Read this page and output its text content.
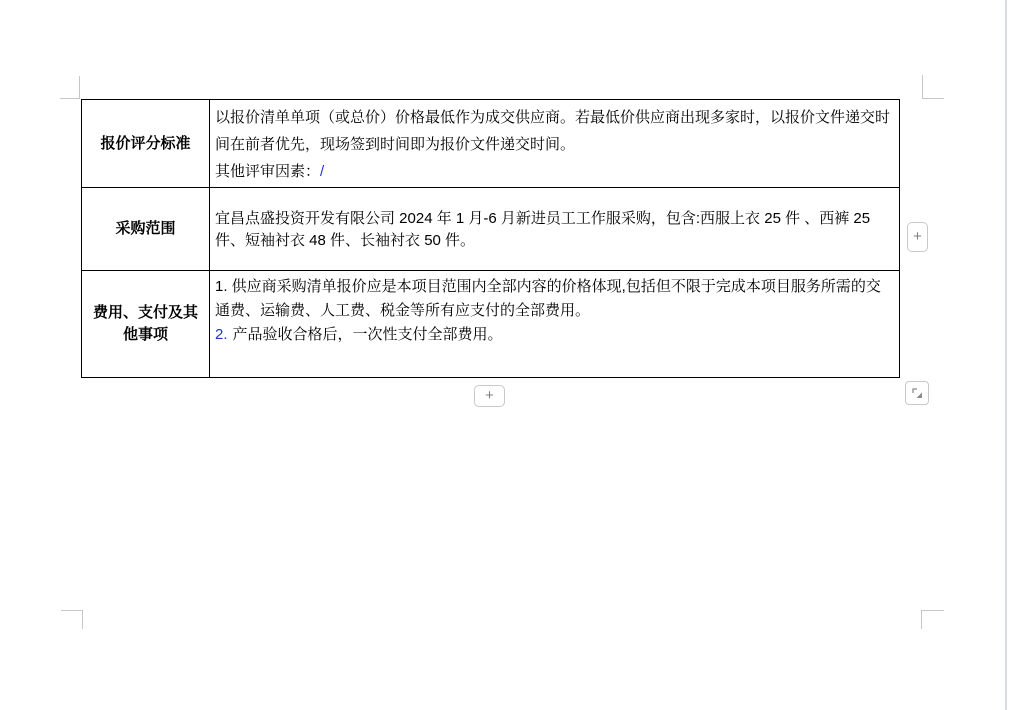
报价评分标准	以报价清单单项（或总价）价格最低作为成交供应商。若最低价供应商出现多家时，以报价文件递交时间在前者优先，现场签到时间即为报价文件递交时间。
其他评审因素：/

采购范围	宜昌点盛投资开发有限公司 2024 年 1 月-6 月新进员工工作服采购，包含:西服上衣 25 件 、西裤 25 件、短袖衬衣 48 件、长袖衬衣 50 件。

费用、支付及其他事项	1. 供应商采购清单报价应是本项目范围内全部内容的价格体现,包括但不限于完成本项目服务所需的交通费、运输费、人工费、税金等所有应支付的全部费用。
2. 产品验收合格后，一次性支付全部费用。
+
+
